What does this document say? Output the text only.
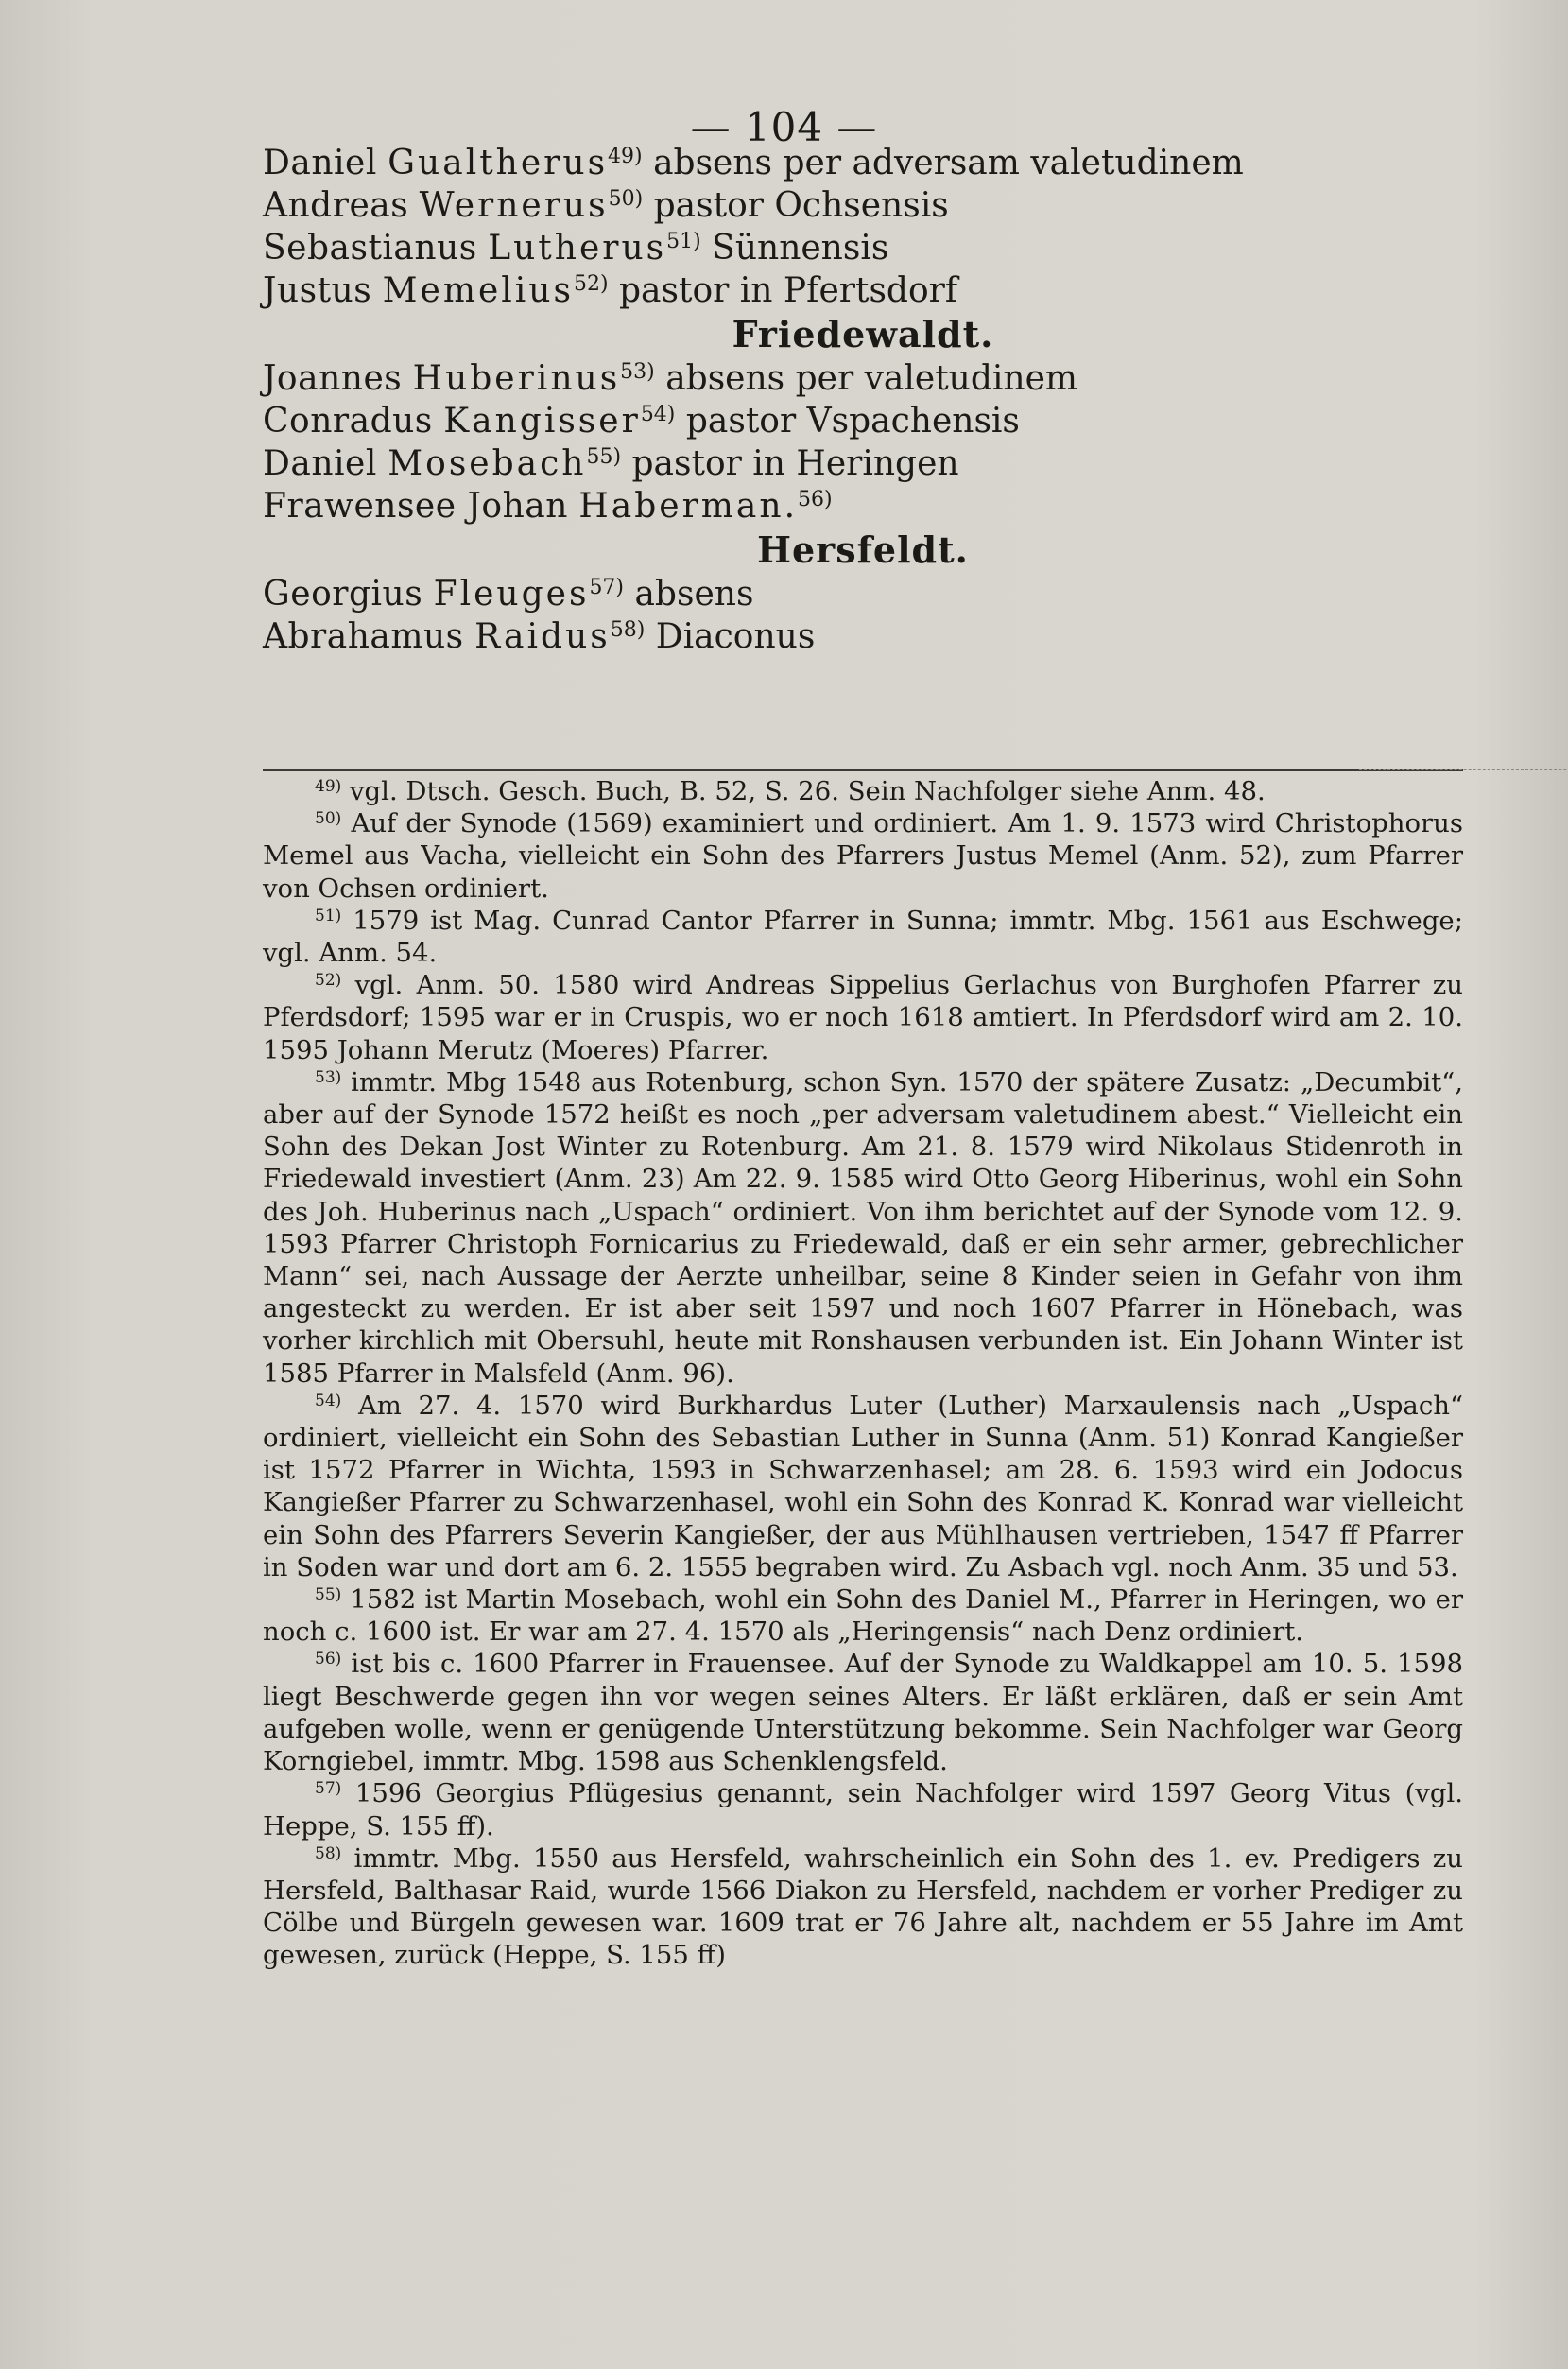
— 104 —
Daniel Gualtherus$^{49)}$ absens per adversam valetudinem
Andreas Wernerus$^{50)}$ pastor Ochsensis
Sebastianus Lutherus$^{51)}$ Sünnensis
Justus Memelius$^{52)}$ pastor in Pfertsdorf
Friedewaldt.
Joannes Huberinus$^{53)}$ absens per valetudinem
Conradus Kangisser$^{54)}$ pastor Vspachensis
Daniel Mosebach$^{55)}$ pastor in Heringen
Frawensee Johan Haberman.$^{56)}$
Hersfeldt.
Georgius Fleuges$^{57)}$ absens
Abrahamus Raidus$^{58)}$ Diaconus

$^{49)}$ vgl. Dtsch. Gesch. Buch, B. 52, S. 26. Sein Nachfolger siehe Anm. 48.

$^{50)}$ Auf der Synode (1569) examiniert und ordiniert. Am 1. 9. 1573 wird Christophorus Memel aus Vacha, vielleicht ein Sohn des Pfarrers Justus Memel (Anm. 52), zum Pfarrer von Ochsen ordiniert.

$^{51)}$ 1579 ist Mag. Cunrad Cantor Pfarrer in Sunna; immtr. Mbg. 1561 aus Eschwege; vgl. Anm. 54.

$^{52)}$ vgl. Anm. 50. 1580 wird Andreas Sippelius Gerlachus von Burghofen Pfarrer zu Pferdsdorf; 1595 war er in Cruspis, wo er noch 1618 amtiert. In Pferdsdorf wird am 2. 10. 1595 Johann Merutz (Moeres) Pfarrer.

$^{53)}$ immtr. Mbg 1548 aus Rotenburg, schon Syn. 1570 der spätere Zusatz: „Decumbit“, aber auf der Synode 1572 heißt es noch „per adversam valetudinem abest.“ Vielleicht ein Sohn des Dekan Jost Winter zu Rotenburg. Am 21. 8. 1579 wird Nikolaus Stidenroth in Friedewald investiert (Anm. 23) Am 22. 9. 1585 wird Otto Georg Hiberinus, wohl ein Sohn des Joh. Huberinus nach „Uspach“ ordiniert. Von ihm berichtet auf der Synode vom 12. 9. 1593 Pfarrer Christoph Fornicarius zu Friedewald, daß er ein sehr armer, gebrechlicher Mann“ sei, nach Aussage der Aerzte unheilbar, seine 8 Kinder seien in Gefahr von ihm angesteckt zu werden. Er ist aber seit 1597 und noch 1607 Pfarrer in Hönebach, was vorher kirchlich mit Obersuhl, heute mit Ronshausen verbunden ist. Ein Johann Winter ist 1585 Pfarrer in Malsfeld (Anm. 96).

$^{54)}$ Am 27. 4. 1570 wird Burkhardus Luter (Luther) Marxaulensis nach „Uspach“ ordiniert, vielleicht ein Sohn des Sebastian Luther in Sunna (Anm. 51) Konrad Kangießer ist 1572 Pfarrer in Wichta, 1593 in Schwarzenhasel; am 28. 6. 1593 wird ein Jodocus Kangießer Pfarrer zu Schwarzenhasel, wohl ein Sohn des Konrad K. Konrad war vielleicht ein Sohn des Pfarrers Severin Kangießer, der aus Mühlhausen vertrieben, 1547 ff Pfarrer in Soden war und dort am 6. 2. 1555 begraben wird. Zu Asbach vgl. noch Anm. 35 und 53.

$^{55)}$ 1582 ist Martin Mosebach, wohl ein Sohn des Daniel M., Pfarrer in Heringen, wo er noch c. 1600 ist. Er war am 27. 4. 1570 als „Heringensis“ nach Denz ordiniert.

$^{56)}$ ist bis c. 1600 Pfarrer in Frauensee. Auf der Synode zu Waldkappel am 10. 5. 1598 liegt Beschwerde gegen ihn vor wegen seines Alters. Er läßt erklären, daß er sein Amt aufgeben wolle, wenn er genügende Unterstützung bekomme. Sein Nachfolger war Georg Korngiebel, immtr. Mbg. 1598 aus Schenklengsfeld.

$^{57)}$ 1596 Georgius Pflügesius genannt, sein Nachfolger wird 1597 Georg Vitus (vgl. Heppe, S. 155 ff).

$^{58)}$ immtr. Mbg. 1550 aus Hersfeld, wahrscheinlich ein Sohn des 1. ev. Predigers zu Hersfeld, Balthasar Raid, wurde 1566 Diakon zu Hersfeld, nachdem er vorher Prediger zu Cölbe und Bürgeln gewesen war. 1609 trat er 76 Jahre alt, nachdem er 55 Jahre im Amt gewesen, zurück (Heppe, S. 155 ff)
